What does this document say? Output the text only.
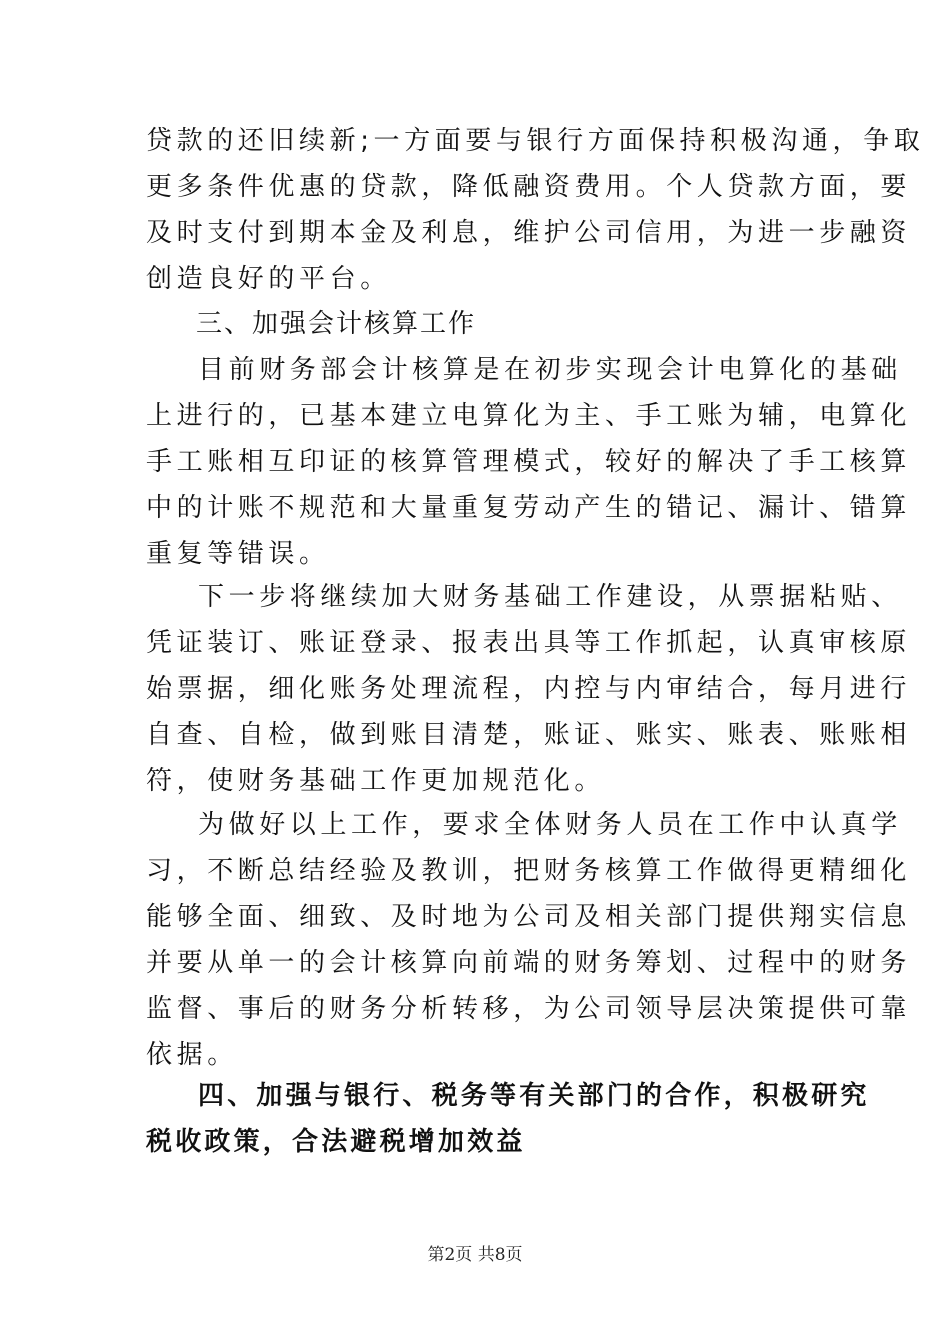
贷款的还旧续新;一方面要与银行方面保持积极沟通，争取
更多条件优惠的贷款，降低融资费用。个人贷款方面，要
及时支付到期本金及利息，维护公司信用，为进一步融资
创造良好的平台。
三、加强会计核算工作
目前财务部会计核算是在初步实现会计电算化的基础
上进行的，已基本建立电算化为主、手工账为辅，电算化
手工账相互印证的核算管理模式，较好的解决了手工核算
中的计账不规范和大量重复劳动产生的错记、漏计、错算
重复等错误。
下一步将继续加大财务基础工作建设，从票据粘贴、
凭证装订、账证登录、报表出具等工作抓起，认真审核原
始票据，细化账务处理流程，内控与内审结合，每月进行
自查、自检，做到账目清楚，账证、账实、账表、账账相
符，使财务基础工作更加规范化。
为做好以上工作，要求全体财务人员在工作中认真学
习，不断总结经验及教训，把财务核算工作做得更精细化
能够全面、细致、及时地为公司及相关部门提供翔实信息
并要从单一的会计核算向前端的财务筹划、过程中的财务
监督、事后的财务分析转移，为公司领导层决策提供可靠
依据。
四、加强与银行、税务等有关部门的合作，积极研究
税收政策，合法避税增加效益
第2页 共8页
